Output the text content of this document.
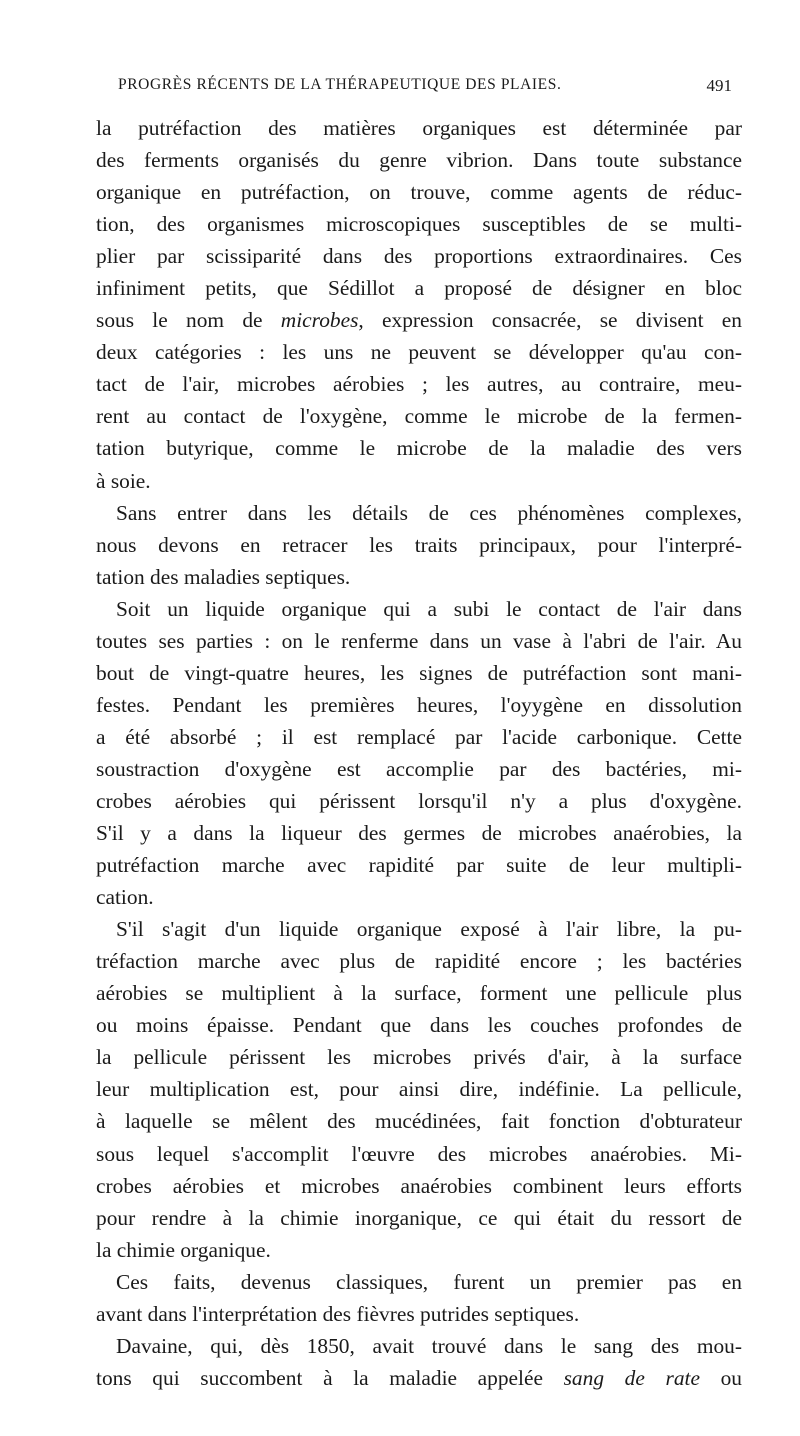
PROGRÈS RÉCENTS DE LA THÉRAPEUTIQUE DES PLAIES.	491
la putréfaction des matières organiques est déterminée par
des ferments organisés du genre vibrion. Dans toute substance
organique en putréfaction, on trouve, comme agents de réduc-
tion, des organismes microscopiques susceptibles de se multi-
plier par scissiparité dans des proportions extraordinaires. Ces
infiniment petits, que Sédillot a proposé de désigner en bloc
sous le nom de microbes, expression consacrée, se divisent en
deux catégories : les uns ne peuvent se développer qu'au con-
tact de l'air, microbes aérobies ; les autres, au contraire, meu-
rent au contact de l'oxygène, comme le microbe de la fermen-
tation butyrique, comme le microbe de la maladie des vers
à soie.
Sans entrer dans les détails de ces phénomènes complexes,
nous devons en retracer les traits principaux, pour l'interpré-
tation des maladies septiques.
Soit un liquide organique qui a subi le contact de l'air dans
toutes ses parties : on le renferme dans un vase à l'abri de l'air. Au
bout de vingt-quatre heures, les signes de putréfaction sont mani-
festes. Pendant les premières heures, l'oyygène en dissolution
a été absorbé ; il est remplacé par l'acide carbonique. Cette
soustraction d'oxygène est accomplie par des bactéries, mi-
crobes aérobies qui périssent lorsqu'il n'y a plus d'oxygène.
S'il y a dans la liqueur des germes de microbes anaérobies, la
putréfaction marche avec rapidité par suite de leur multipli-
cation.
S'il s'agit d'un liquide organique exposé à l'air libre, la pu-
tréfaction marche avec plus de rapidité encore ; les bactéries
aérobies se multiplient à la surface, forment une pellicule plus
ou moins épaisse. Pendant que dans les couches profondes de
la pellicule périssent les microbes privés d'air, à la surface
leur multiplication est, pour ainsi dire, indéfinie. La pellicule,
à laquelle se mêlent des mucédinées, fait fonction d'obturateur
sous lequel s'accomplit l'œuvre des microbes anaérobies. Mi-
crobes aérobies et microbes anaérobies combinent leurs efforts
pour rendre à la chimie inorganique, ce qui était du ressort de
la chimie organique.
Ces faits, devenus classiques, furent un premier pas en
avant dans l'interprétation des fièvres putrides septiques.
Davaine, qui, dès 1850, avait trouvé dans le sang des mou-
tons qui succombent à la maladie appelée sang de rate ou
